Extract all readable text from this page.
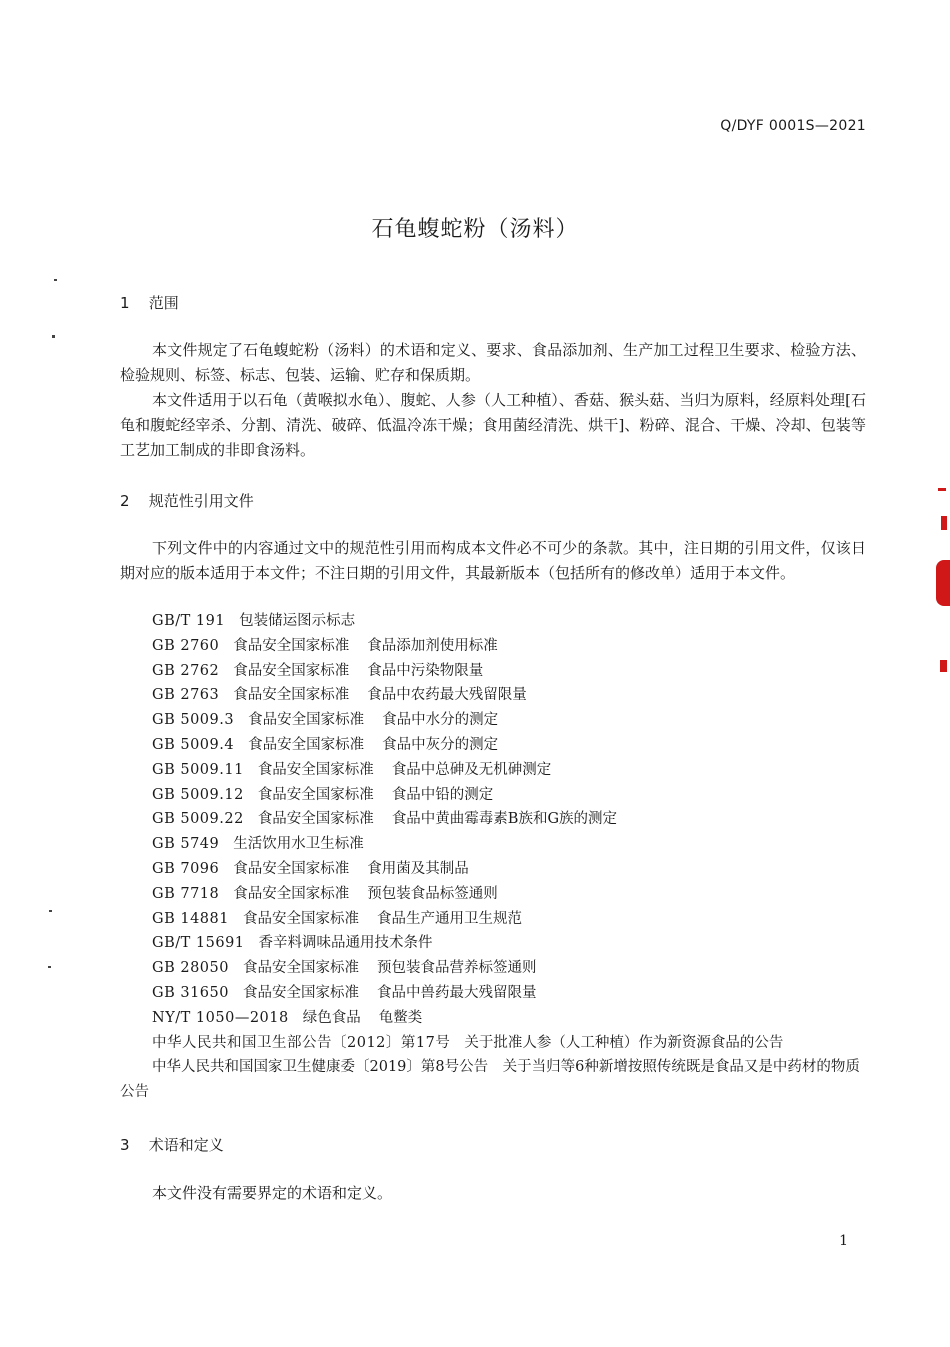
Q/DYF 0001S—2021
石龟蝮蛇粉（汤料）
1 范围

本文件规定了石龟蝮蛇粉（汤料）的术语和定义、要求、食品添加剂、生产加工过程卫生要求、检验方法、检验规则、标签、标志、包装、运输、贮存和保质期。

本文件适用于以石龟（黄喉拟水龟）、腹蛇、人参（人工种植）、香菇、猴头菇、当归为原料，经原料处理[石龟和腹蛇经宰杀、分割、清洗、破碎、低温冷冻干燥；食用菌经清洗、烘干]、粉碎、混合、干燥、冷却、包装等工艺加工制成的非即食汤料。

2 规范性引用文件

下列文件中的内容通过文中的规范性引用而构成本文件必不可少的条款。其中，注日期的引用文件，仅该日期对应的版本适用于本文件；不注日期的引用文件，其最新版本（包括所有的修改单）适用于本文件。

GB/T 191 包装储运图示标志
GB 2760 食品安全国家标准 食品添加剂使用标准
GB 2762 食品安全国家标准 食品中污染物限量
GB 2763 食品安全国家标准 食品中农药最大残留限量
GB 5009.3 食品安全国家标准 食品中水分的测定
GB 5009.4 食品安全国家标准 食品中灰分的测定
GB 5009.11 食品安全国家标准 食品中总砷及无机砷测定
GB 5009.12 食品安全国家标准 食品中铅的测定
GB 5009.22 食品安全国家标准 食品中黄曲霉毒素B族和G族的测定
GB 5749 生活饮用水卫生标准
GB 7096 食品安全国家标准 食用菌及其制品
GB 7718 食品安全国家标准 预包装食品标签通则
GB 14881 食品安全国家标准 食品生产通用卫生规范
GB/T 15691 香辛料调味品通用技术条件
GB 28050 食品安全国家标准 预包装食品营养标签通则
GB 31650 食品安全国家标准 食品中兽药最大残留限量
NY/T 1050—2018 绿色食品 龟鳖类
中华人民共和国卫生部公告〔2012〕第17号 关于批准人参（人工种植）作为新资源食品的公告

中华人民共和国国家卫生健康委〔2019〕第8号公告　关于当归等6种新增按照传统既是食品又是中药材的物质公告

3 术语和定义

本文件没有需要界定的术语和定义。

1
